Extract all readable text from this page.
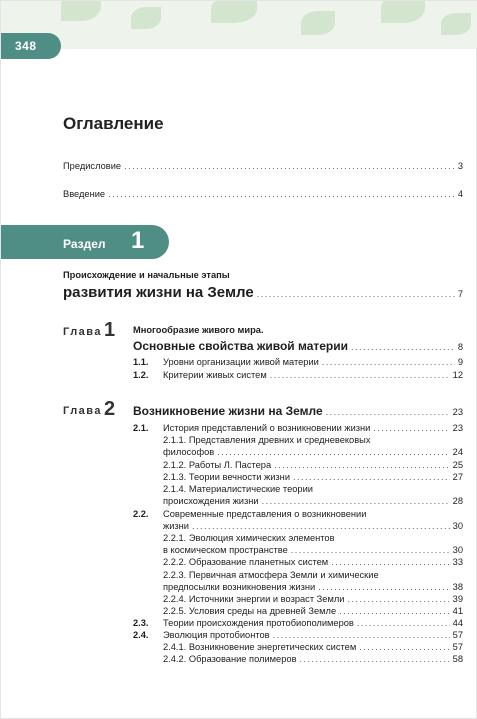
348
Оглавление
Предисловие .....	3
Введение .....	4
Раздел 1
Происхождение и начальные этапы
развития жизни на Земле .....	7
Глава 1 Многообразие живого мира.
Основные свойства живой материи .....	8
1.1.	Уровни организации живой материи .....	9
1.2.	Критерии живых систем .....	12
Глава 2 Возникновение жизни на Земле .....	23
2.1.	История представлений о возникновении жизни .....	23
2.1.1. Представления древних и средневековых
философов .....	24
2.1.2. Работы Л. Пастера .....	25
2.1.3. Теории вечности жизни .....	27
2.1.4. Материалистические теории
происхождения жизни .....	28
2.2.	Современные представления о возникновении
жизни .....	30
2.2.1. Эволюция химических элементов
в космическом пространстве .....	30
2.2.2. Образование планетных систем .....	33
2.2.3. Первичная атмосфера Земли и химические
предпосылки возникновения жизни .....	38
2.2.4. Источники энергии и возраст Земли .....	39
2.2.5. Условия среды на древней Земле .....	41
2.3.	Теории происхождения протобиополимеров .....	44
2.4.	Эволюция протобионтов .....	57
2.4.1. Возникновение энергетических систем .....	57
2.4.2. Образование полимеров .....	58
